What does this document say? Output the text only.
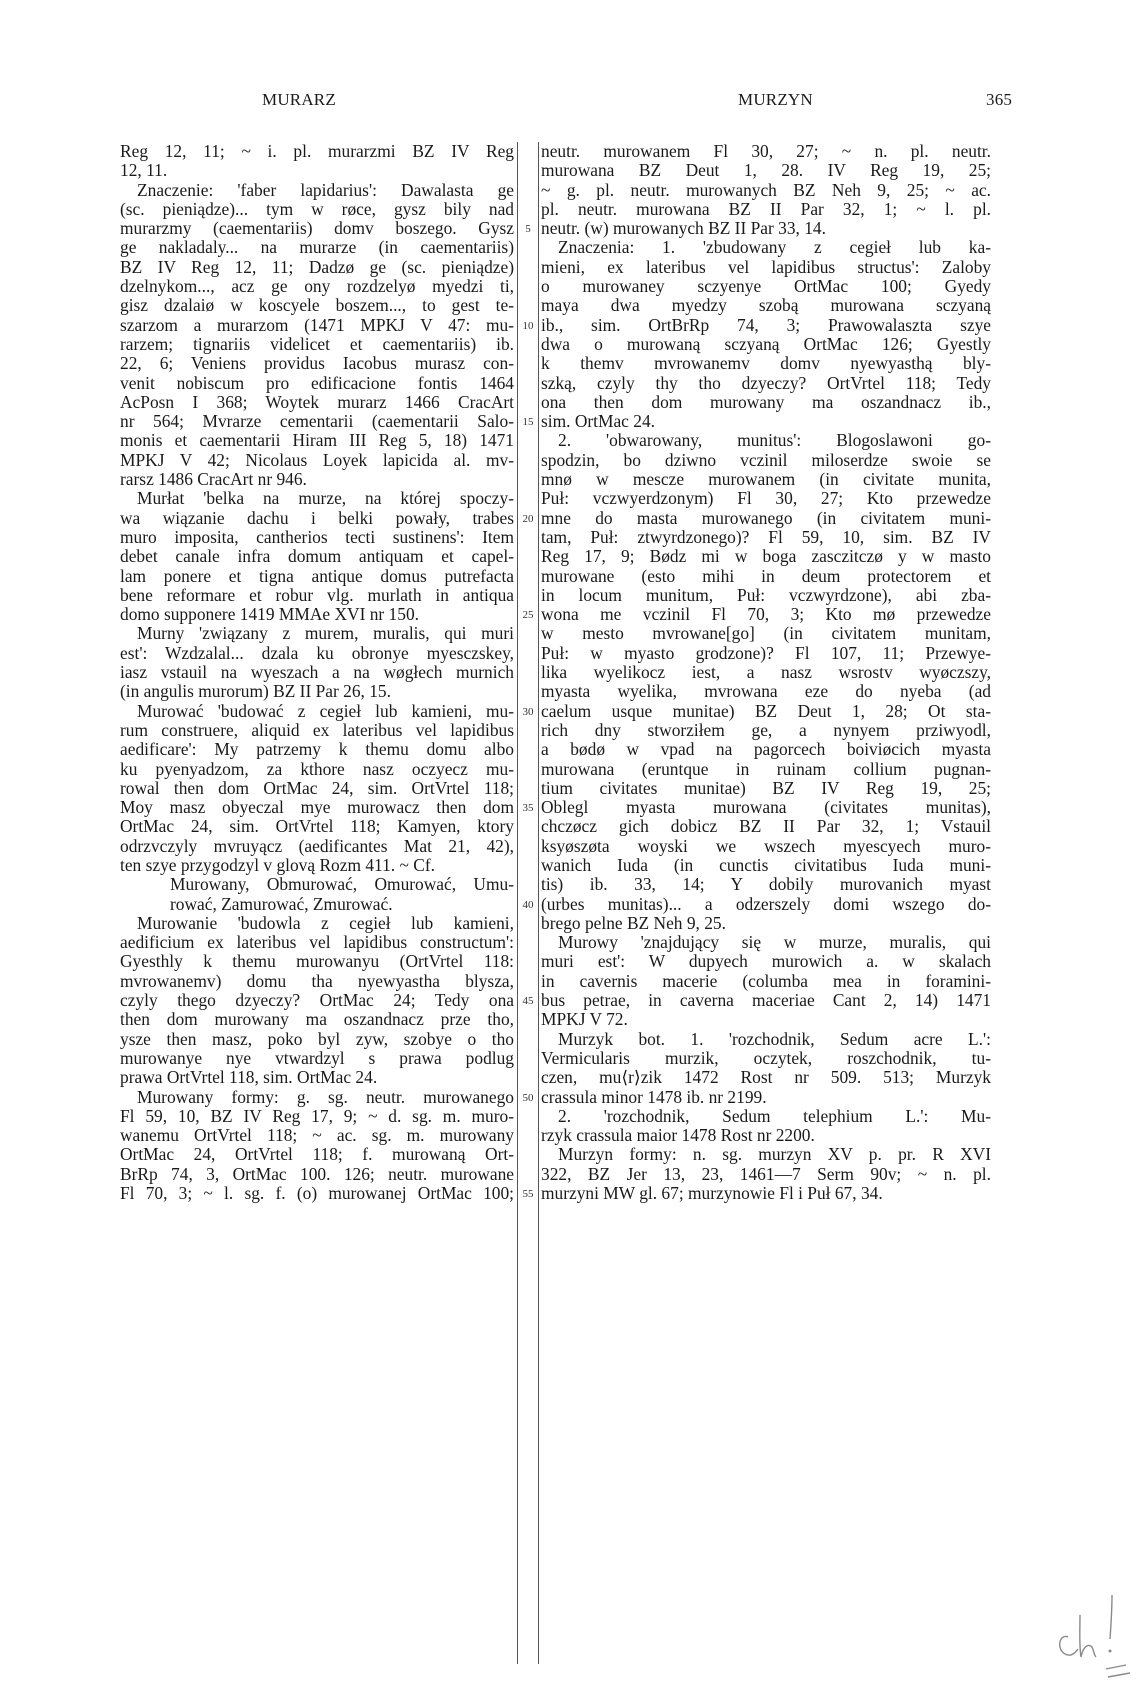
MURARZ	MURZYN	365
5
10
15
20
25
30
35
40
45
50
55
Reg 12, 11; ~ i. pl. murarzmi BZ IV Reg
12, 11.
Znaczenie: 'faber lapidarius': Dawalasta ge
(sc. pieniądze)... tym w røce, gysz bily nad
murarzmy (caementariis) domv boszego. Gysz
ge nakladaly... na murarze (in caementariis)
BZ IV Reg 12, 11; Dadzø ge (sc. pieniądze)
dzelnykom..., acz ge ony rozdzelyø myedzi ti,
gisz dzalaiø w koscyele boszem..., to gest te-
szarzom a murarzom (1471 MPKJ V 47: mu-
rarzem; tignariis videlicet et caementariis) ib.
22, 6; Veniens providus Iacobus murasz con-
venit nobiscum pro edificacione fontis 1464
AcPosn I 368; Woytek murarz 1466 CracArt
nr 564; Mvrarze cementarii (caementarii Salo-
monis et caementarii Hiram III Reg 5, 18) 1471
MPKJ V 42; Nicolaus Loyek lapicida al. mv-
rarsz 1486 CracArt nr 946.
Murłat 'belka na murze, na której spoczy-
wa wiązanie dachu i belki powały, trabes
muro imposita, cantherios tecti sustinens': Item
debet canale infra domum antiquam et capel-
lam ponere et tigna antique domus putrefacta
bene reformare et robur vlg. murlath in antiqua
domo supponere 1419 MMAe XVI nr 150.
Murny 'związany z murem, muralis, qui muri
est': Wzdzalal... dzala ku obronye myesczskey,
iasz vstauil na wyeszach a na wøgłech murnich
(in angulis murorum) BZ II Par 26, 15.
Murować 'budować z cegieł lub kamieni, mu-
rum construere, aliquid ex lateribus vel lapidibus
aedificare': My patrzemy k themu domu albo
ku pyenyadzom, za kthore nasz oczyecz mu-
rowal then dom OrtMac 24, sim. OrtVrtel 118;
Moy masz obyeczal mye murowacz then dom
OrtMac 24, sim. OrtVrtel 118; Kamyen, ktory
odrzvczyly mvruyącz (aedificantes Mat 21, 42),
ten szye przygodzyl v glovą Rozm 411. ~ Cf.
Murowany, Obmurować, Omurować, Umu-
rować, Zamurować, Zmurować.
Murowanie 'budowla z cegieł lub kamieni,
aedificium ex lateribus vel lapidibus constructum':
Gyesthly k themu murowanyu (OrtVrtel 118:
mvrowanemv) domu tha nyewyastha blysza,
czyly thego dzyeczy? OrtMac 24; Tedy ona
then dom murowany ma oszandnacz prze tho,
ysze then masz, poko byl zyw, szobye o tho
murowanye nye vtwardzyl s prawa podlug
prawa OrtVrtel 118, sim. OrtMac 24.
Murowany formy: g. sg. neutr. murowanego
Fl 59, 10, BZ IV Reg 17, 9; ~ d. sg. m. muro-
wanemu OrtVrtel 118; ~ ac. sg. m. murowany
OrtMac 24, OrtVrtel 118; f. murowaną Ort-
BrRp 74, 3, OrtMac 100. 126; neutr. murowane
Fl 70, 3; ~ l. sg. f. (o) murowanej OrtMac 100;
neutr. murowanem Fl 30, 27; ~ n. pl. neutr.
murowana BZ Deut 1, 28. IV Reg 19, 25;
~ g. pl. neutr. murowanych BZ Neh 9, 25; ~ ac.
pl. neutr. murowana BZ II Par 32, 1; ~ l. pl.
neutr. (w) murowanych BZ II Par 33, 14.
Znaczenia: 1. 'zbudowany z cegieł lub ka-
mieni, ex lateribus vel lapidibus structus': Zaloby
o murowaney sczyenye OrtMac 100; Gyedy
maya dwa myedzy szobą murowana sczyaną
ib., sim. OrtBrRp 74, 3; Prawowalaszta szye
dwa o murowaną sczyaną OrtMac 126; Gyestly
k themv mvrowanemv domv nyewyasthą bly-
szką, czyly thy tho dzyeczy? OrtVrtel 118; Tedy
ona then dom murowany ma oszandnacz ib.,
sim. OrtMac 24.
2. 'obwarowany, munitus': Blogoslawoni go-
spodzin, bo dziwno vczinil miloserdze swoie se
mnø w mescze murowanem (in civitate munita,
Puł: vczwyerdzonym) Fl 30, 27; Kto przewedze
mne do masta murowanego (in civitatem muni-
tam, Puł: ztwyrdzonego)? Fl 59, 10, sim. BZ IV
Reg 17, 9; Bødz mi w boga zasczitczø y w masto
murowane (esto mihi in deum protectorem et
in locum munitum, Puł: vczwyrdzone), abi zba-
wona me vczinil Fl 70, 3; Kto mø przewedze
w mesto mvrowane[go] (in civitatem munitam,
Puł: w myasto grodzone)? Fl 107, 11; Przewye-
lika wyelikocz iest, a nasz wsrostv wyøczszy,
myasta wyelika, mvrowana eze do nyeba (ad
caelum usque munitae) BZ Deut 1, 28; Ot sta-
rich dny stworziłem ge, a nynyem prziwyodl,
a bødø w vpad na pagorcech boiviøcich myasta
murowana (eruntque in ruinam collium pugnan-
tium civitates munitae) BZ IV Reg 19, 25;
Oblegl myasta murowana (civitates munitas),
chczøcz gich dobicz BZ II Par 32, 1; Vstauil
ksyøszøta woyski we wszech myescyech muro-
wanich Iuda (in cunctis civitatibus Iuda muni-
tis) ib. 33, 14; Y dobily murovanich myast
(urbes munitas)... a odzerszely domi wszego do-
brego pelne BZ Neh 9, 25.
Murowy 'znajdujący się w murze, muralis, qui
muri est': W dupyech murowich a. w skalach
in cavernis macerie (columba mea in foramini-
bus petrae, in caverna maceriae Cant 2, 14) 1471
MPKJ V 72.
Murzyk bot. 1. 'rozchodnik, Sedum acre L.':
Vermicularis murzik, oczytek, roszchodnik, tu-
czen, mu⟨r⟩zik 1472 Rost nr 509. 513; Murzyk
crassula minor 1478 ib. nr 2199.
2. 'rozchodnik, Sedum telephium L.': Mu-
rzyk crassula maior 1478 Rost nr 2200.
Murzyn formy: n. sg. murzyn XV p. pr. R XVI
322, BZ Jer 13, 23, 1461—7 Serm 90v; ~ n. pl.
murzyni MW gl. 67; murzynowie Fl i Puł 67, 34.
